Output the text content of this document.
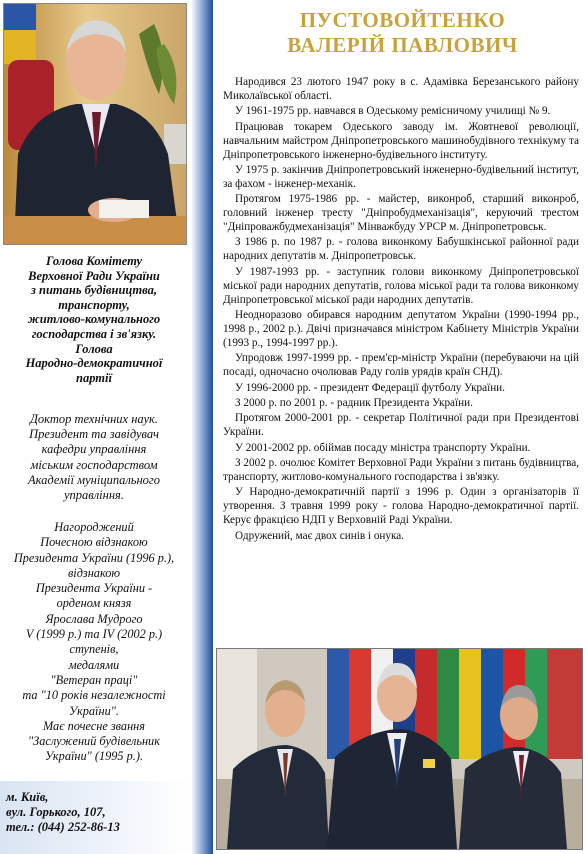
Голова Комітету
Верховної Ради України
з питань будівництва,
транспорту,
житлово-комунального
господарства і зв'язку.
Голова
Народно-демократичної
партії
Доктор технічних наук.
Президент та завідувач
кафедри управління
міським господарством
Академії муніципального
управління.
Нагороджений
Почесною відзнакою
Президента України (1996 р.),
відзнакою
Президента України -
орденом князя
Ярослава Мудрого
V (1999 р.) та IV (2002 р.)
ступенів,
медалями
"Ветеран праці"
та "10 років незалежності
України".
Має почесне звання
"Заслужений будівельник
України" (1995 р.).
м. Київ,
вул. Горького, 107,
тел.: (044) 252-86-13
ПУСТОВОЙТЕНКО
ВАЛЕРІЙ ПАВЛОВИЧ

Народився 23 лютого 1947 року в с. Адамівка Березанського району Миколаївської області.

У 1961-1975 рр. навчався в Одеському ремісничому училищі № 9.

Працював токарем Одеського заводу ім. Жовтневої революції, навчальним майстром Дніпропетровського машинобудівного технікуму та Дніпропетровського інженерно-будівельного інституту.

У 1975 р. закінчив Дніпропетровський інженерно-будівельний інститут, за фахом - інженер-механік.

Протягом 1975-1986 рр. - майстер, виконроб, старший виконроб, головний інженер тресту "Дніпробудмеханізація", керуючий трестом "Дніпроважбудмеханізація" Мінважбуду УРСР м. Дніпропетровськ.

З 1986 р. по 1987 р. - голова виконкому Бабушкінської районної ради народних депутатів м. Дніпропетровськ.

У 1987-1993 рр. - заступник голови виконкому Дніпропетровської міської ради народних депутатів, голова міської ради та голова виконкому Дніпропетровської міської ради народних депутатів.

Неодноразово обирався народним депутатом України (1990-1994 рр., 1998 р., 2002 р.). Двічі призначався міністром Кабінету Міністрів України (1993 р., 1994-1997 рр.).

Упродовж 1997-1999 рр. - прем'єр-міністр України (перебуваючи на цій посаді, одночасно очолював Раду голів урядів країн СНД).

У 1996-2000 рр. - президент Федерації футболу України.

З 2000 р. по 2001 р. - радник Президента України.

Протягом 2000-2001 рр. - секретар Політичної ради при Президентові України.

У 2001-2002 рр. обіймав посаду міністра транспорту України.

З 2002 р. очолює Комітет Верховної Ради України з питань будівництва, транспорту, житлово-комунального господарства і зв'язку.

У Народно-демократичній партії з 1996 р. Один з організаторів її утворення. З травня 1999 року - голова Народно-демократичної партії. Керує фракцією НДП у Верховній Раді України.

Одружений, має двох синів і онука.
